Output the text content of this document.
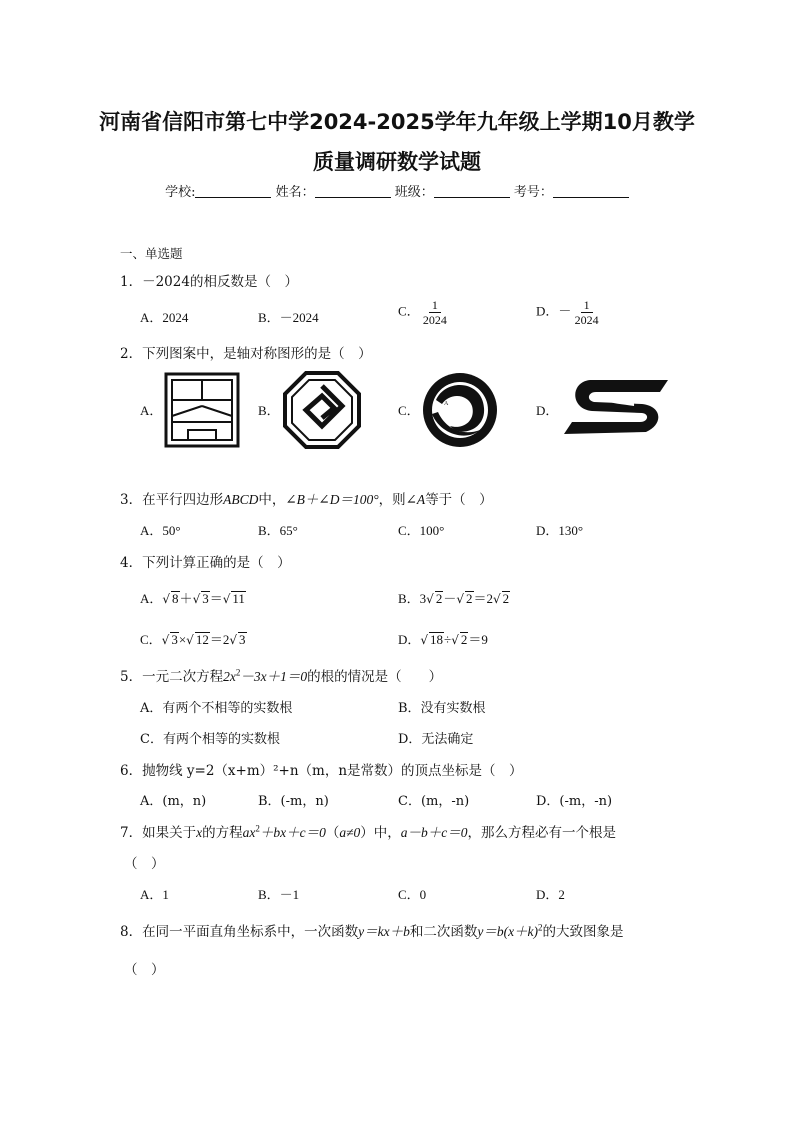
河南省信阳市第七中学2024-2025学年九年级上学期10月教学
质量调研数学试题
学校:	姓名：	班级：	考号：
一、单选题
1．－2024的相反数是（　）
A．2024	B．－2024	C． $\frac{1}{2024}$	D．－ $\frac{1}{2024}$
2．下列图案中，是轴对称图形的是（　）
A．	B．	C．	D．
A
3．在平行四边形ABCD中，∠B＋∠D＝100°，则∠A等于（　）
A．50°	B．65°	C．100°	D．130°
4．下列计算正确的是（　）
A．√ 8＋√ 3＝√ 11	B．3√ 2－√ 2＝2√ 2
C．√ 3×√ 12＝2√ 3	D．√ 18÷√ 2＝9
5．一元二次方程$2x^2-3x+1=0$的根的情况是（　　）
A．有两个不相等的实数根	B．没有实数根
C．有两个相等的实数根	D．无法确定
6．抛物线 y=2（x+m）²+n（m，n是常数）的顶点坐标是（　）
A．(m，n)	B．(-m，n)	C．(m，-n)	D．(-m，-n)
7．如果关于x的方程$ax^2+bx+c=0(a\ne 0)$中，a－b＋c＝0，那么方程必有一个根是
（　）
A．1	B．－1	C．0	D．2
8．在同一平面直角坐标系中，一次函数y＝kx＋b和二次函数$y=b(x+k)^2$的大致图象是
（　）
